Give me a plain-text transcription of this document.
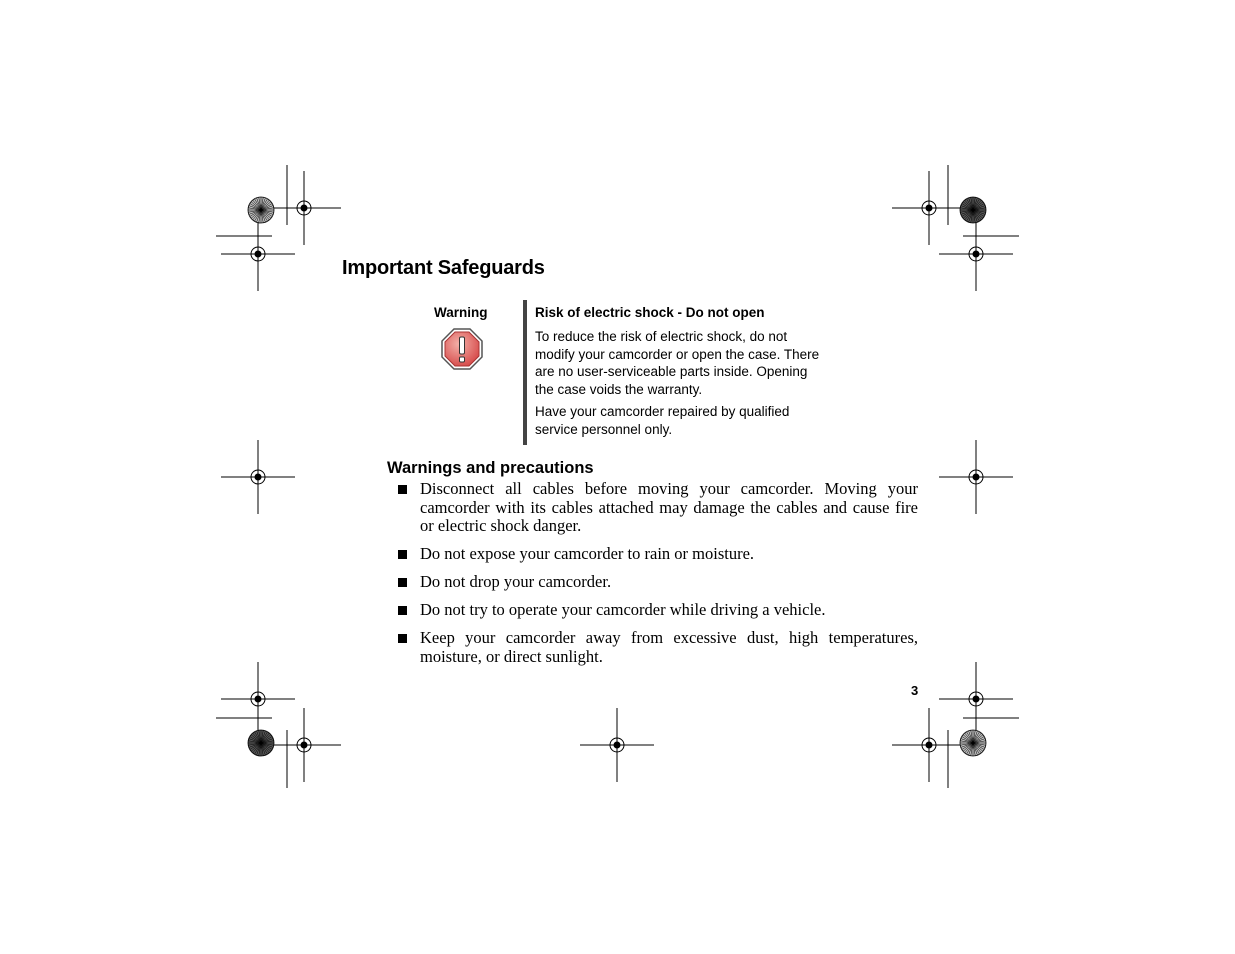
Important Safeguards
Warning	Risk of electric shock - Do not open
To reduce the risk of electric shock, do not modify your camcorder or open the case. There are no user-serviceable parts inside. Opening the case voids the warranty.
Have your camcorder repaired by qualified service personnel only.
Warnings and precautions
Disconnect all cables before moving your camcorder. Moving your camcorder with its cables attached may damage the cables and cause fire or electric shock danger.
Do not expose your camcorder to rain or moisture.
Do not drop your camcorder.
Do not try to operate your camcorder while driving a vehicle.
Keep your camcorder away from excessive dust, high temperatures, moisture, or direct sunlight.
3
